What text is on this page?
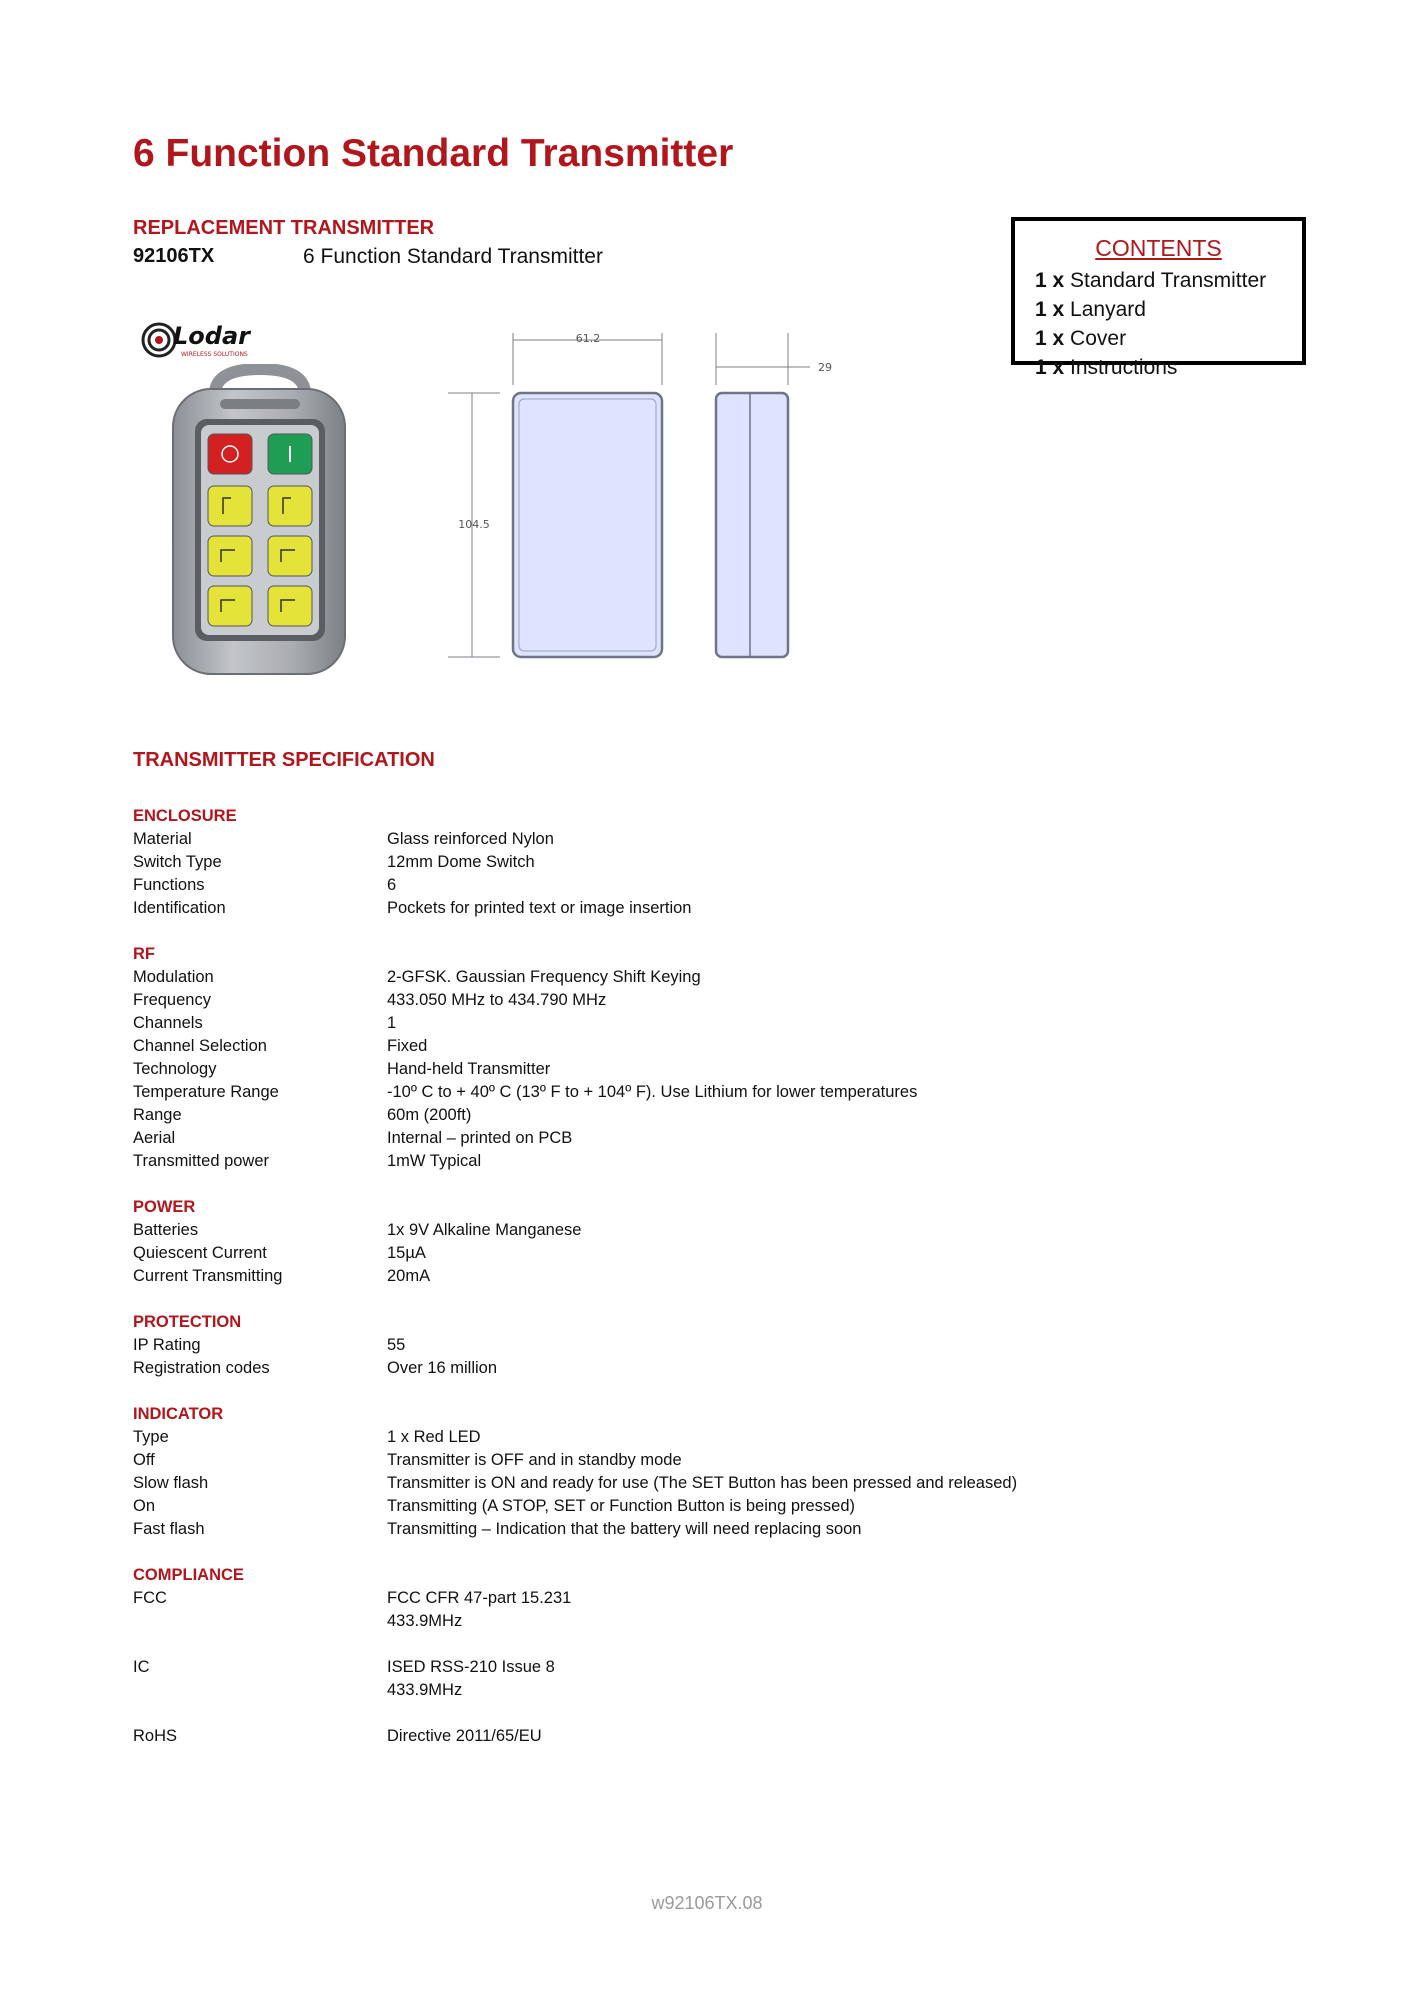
6 Function Standard Transmitter
REPLACEMENT TRANSMITTER
92106TX	6 Function Standard Transmitter	CONTENTS
1 x Standard Transmitter
1 x Lanyard
1 x Cover
1 x Instructions
Lodar
WIRELESS SOLUTIONS
61.2
104.5
29
TRANSMITTER SPECIFICATION
ENCLOSURE
Material	Glass reinforced Nylon
Switch Type	12mm Dome Switch
Functions	6
Identification	Pockets for printed text or image insertion
RF
Modulation	2-GFSK. Gaussian Frequency Shift Keying
Frequency	433.050 MHz to 434.790 MHz
Channels	1
Channel Selection	Fixed
Technology	Hand-held Transmitter
Temperature Range	-10º C to + 40º C (13º F to + 104º F). Use Lithium for lower temperatures
Range	60m (200ft)
Aerial	Internal – printed on PCB
Transmitted power	1mW Typical
POWER
Batteries	1x 9V Alkaline Manganese
Quiescent Current	15µA
Current Transmitting	20mA
PROTECTION
IP Rating	55
Registration codes	Over 16 million
INDICATOR
Type	1 x Red LED
Off	Transmitter is OFF and in standby mode
Slow flash	Transmitter is ON and ready for use (The SET Button has been pressed and released)
On	Transmitting (A STOP, SET or Function Button is being pressed)
Fast flash	Transmitting – Indication that the battery will need replacing soon
COMPLIANCE
FCC	FCC CFR 47-part 15.231
433.9MHz
IC	ISED RSS-210 Issue 8
433.9MHz
RoHS	Directive 2011/65/EU
w92106TX.08
